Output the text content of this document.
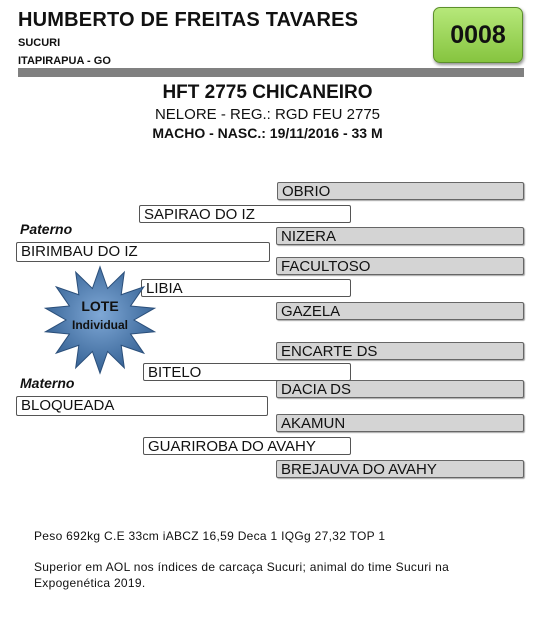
HUMBERTO DE FREITAS TAVARES
SUCURI
ITAPIRAPUA - GO
0008
HFT 2775 CHICANEIRO
NELORE - REG.: RGD FEU 2775
MACHO - NASC.: 19/11/2016 - 33 M
OBRIO
NIZERA
FACULTOSO
GAZELA
ENCARTE DS
DACIA DS
AKAMUN
BREJAUVA DO AVAHY
SAPIRAO DO IZ
LIBIA
BITELO
GUARIROBA DO AVAHY
Paterno
BIRIMBAU DO IZ
Materno
BLOQUEADA
LOTE
Individual
Peso 692kg C.E 33cm iABCZ 16,59 Deca 1 IQGg 27,32 TOP 1
Superior em AOL nos índices de carcaça Sucuri; animal do time Sucuri na
Expogenética 2019.
